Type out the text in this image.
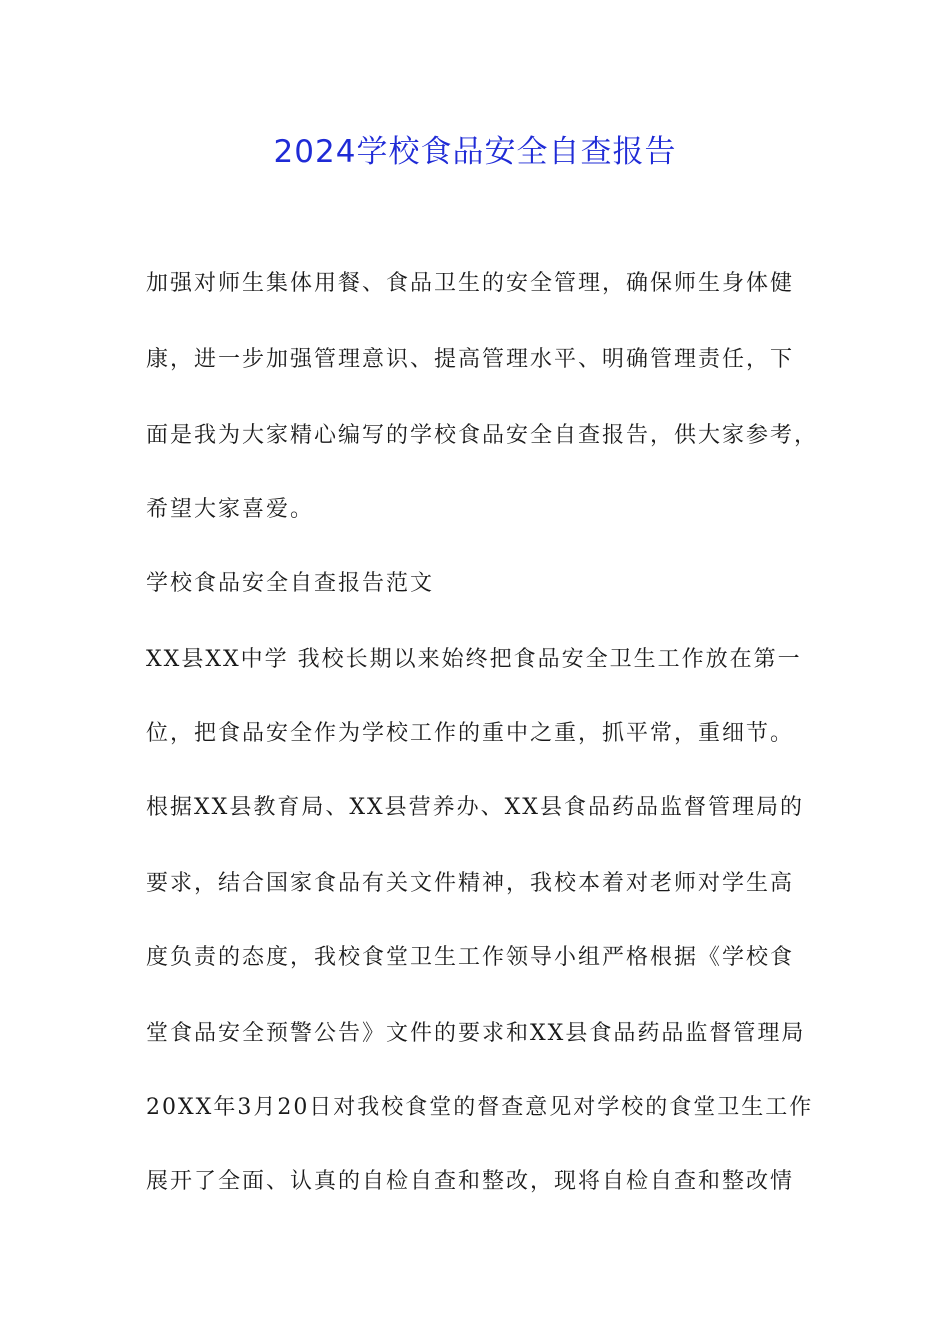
2024学校食品安全自查报告
加强对师生集体用餐、食品卫生的安全管理，确保师生身体健
康，进一步加强管理意识、提高管理水平、明确管理责任，下
面是我为大家精心编写的学校食品安全自查报告，供大家参考，
希望大家喜爱。
学校食品安全自查报告范文
XX县XX中学 我校长期以来始终把食品安全卫生工作放在第一
位，把食品安全作为学校工作的重中之重，抓平常，重细节。
根据XX县教育局、XX县营养办、XX县食品药品监督管理局的
要求，结合国家食品有关文件精神，我校本着对老师对学生高
度负责的态度，我校食堂卫生工作领导小组严格根据《学校食
堂食品安全预警公告》文件的要求和XX县食品药品监督管理局
20XX年3月20日对我校食堂的督查意见对学校的食堂卫生工作
展开了全面、认真的自检自查和整改，现将自检自查和整改情
